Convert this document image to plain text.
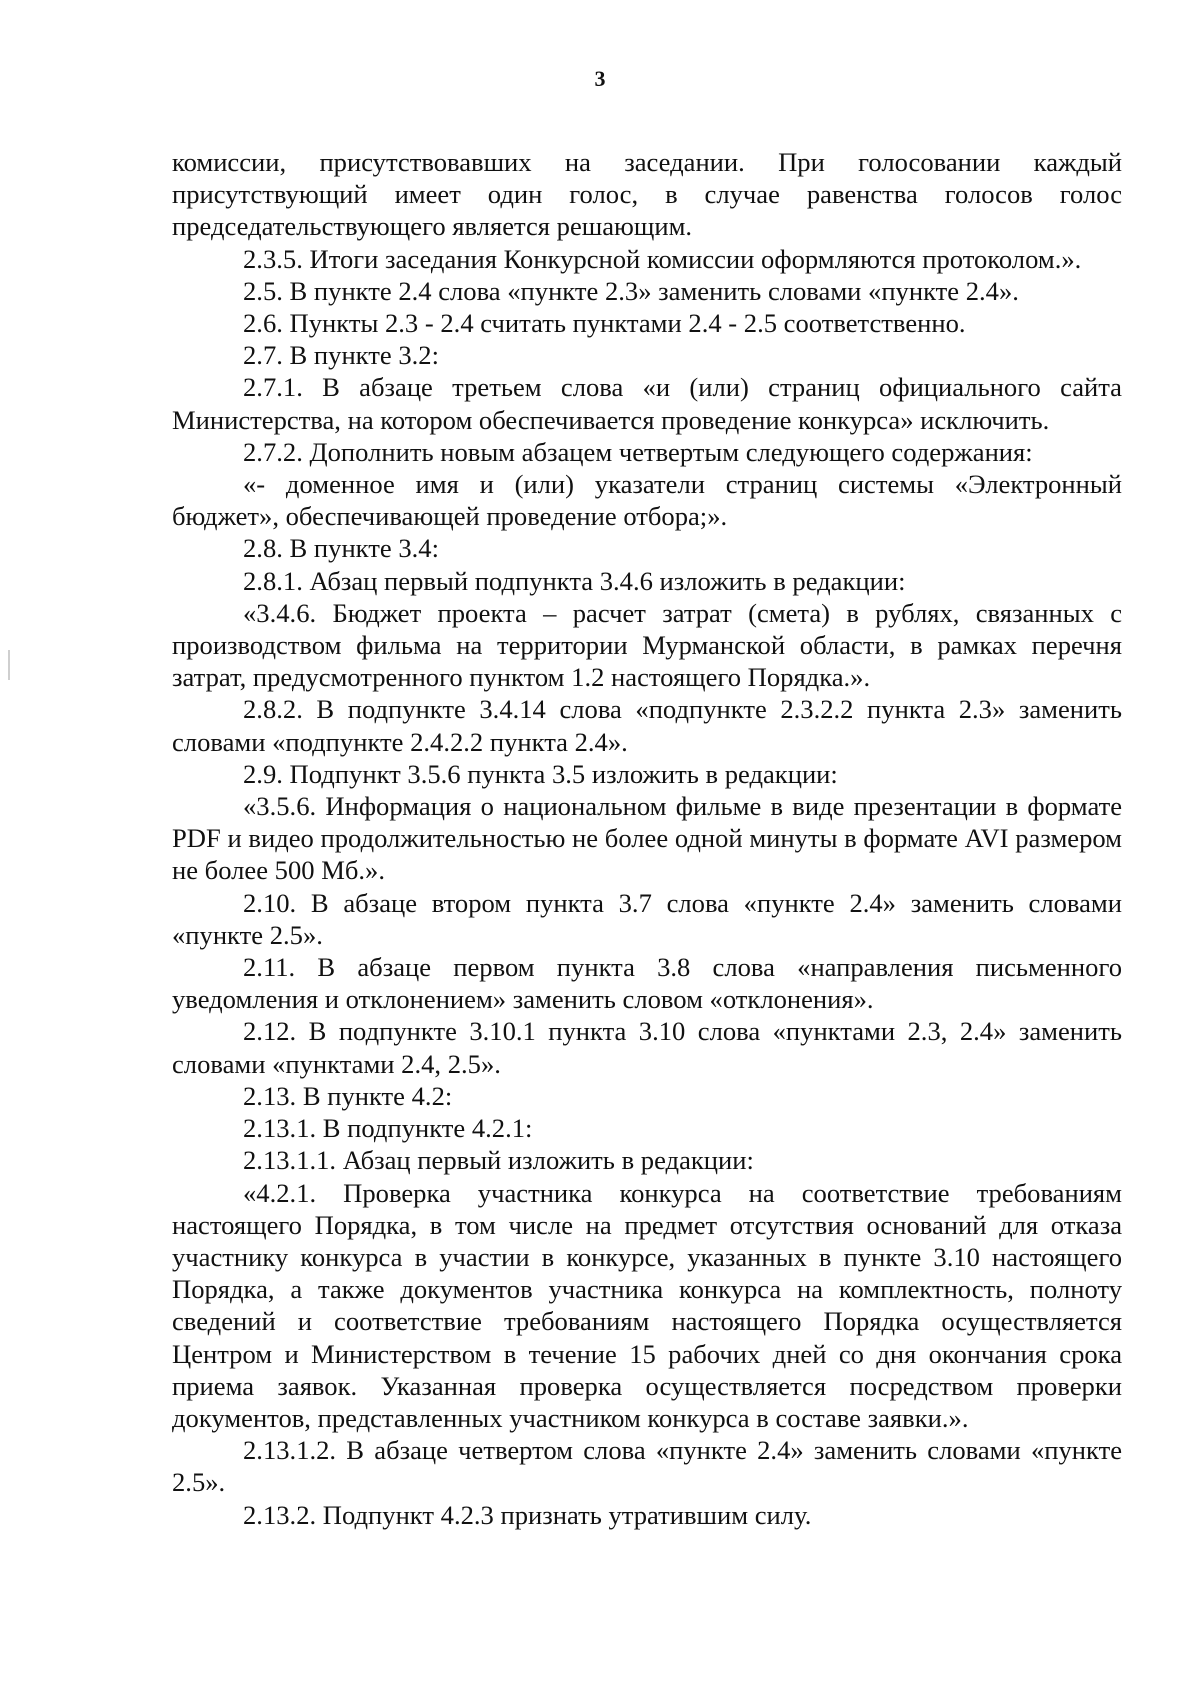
3

комиссии, присутствовавших на заседании. При голосовании каждый присутствующий имеет один голос, в случае равенства голосов голос председательствующего является решающим.

2.3.5. Итоги заседания Конкурсной комиссии оформляются протоколом.».

2.5. В пункте 2.4 слова «пункте 2.3» заменить словами «пункте 2.4».

2.6. Пункты 2.3 - 2.4 считать пунктами 2.4 - 2.5 соответственно.

2.7. В пункте 3.2:

2.7.1. В абзаце третьем слова «и (или) страниц официального сайта Министерства, на котором обеспечивается проведение конкурса» исключить.

2.7.2. Дополнить новым абзацем четвертым следующего содержания:

«- доменное имя и (или) указатели страниц системы «Электронный бюджет», обеспечивающей проведение отбора;».

2.8. В пункте 3.4:

2.8.1. Абзац первый подпункта 3.4.6 изложить в редакции:

«3.4.6. Бюджет проекта – расчет затрат (смета) в рублях, связанных с производством фильма на территории Мурманской области, в рамках перечня затрат, предусмотренного пунктом 1.2 настоящего Порядка.».

2.8.2. В подпункте 3.4.14 слова «подпункте 2.3.2.2 пункта 2.3» заменить словами «подпункте 2.4.2.2 пункта 2.4».

2.9. Подпункт 3.5.6 пункта 3.5 изложить в редакции:

«3.5.6. Информация о национальном фильме в виде презентации в формате PDF и видео продолжительностью не более одной минуты в формате AVI размером не более 500 Мб.».

2.10. В абзаце втором пункта 3.7 слова «пункте 2.4» заменить словами «пункте 2.5».

2.11. В абзаце первом пункта 3.8 слова «направления письменного уведомления и отклонением» заменить словом «отклонения».

2.12. В подпункте 3.10.1 пункта 3.10 слова «пунктами 2.3, 2.4» заменить словами «пунктами 2.4, 2.5».

2.13. В пункте 4.2:

2.13.1. В подпункте 4.2.1:

2.13.1.1. Абзац первый изложить в редакции:

«4.2.1. Проверка участника конкурса на соответствие требованиям настоящего Порядка, в том числе на предмет отсутствия оснований для отказа участнику конкурса в участии в конкурсе, указанных в пункте 3.10 настоящего Порядка, а также документов участника конкурса на комплектность, полноту сведений и соответствие требованиям настоящего Порядка осуществляется Центром и Министерством в течение 15 рабочих дней со дня окончания срока приема заявок. Указанная проверка осуществляется посредством проверки документов, представленных участником конкурса в составе заявки.».

2.13.1.2. В абзаце четвертом слова «пункте 2.4» заменить словами «пункте 2.5».

2.13.2. Подпункт 4.2.3 признать утратившим силу.
